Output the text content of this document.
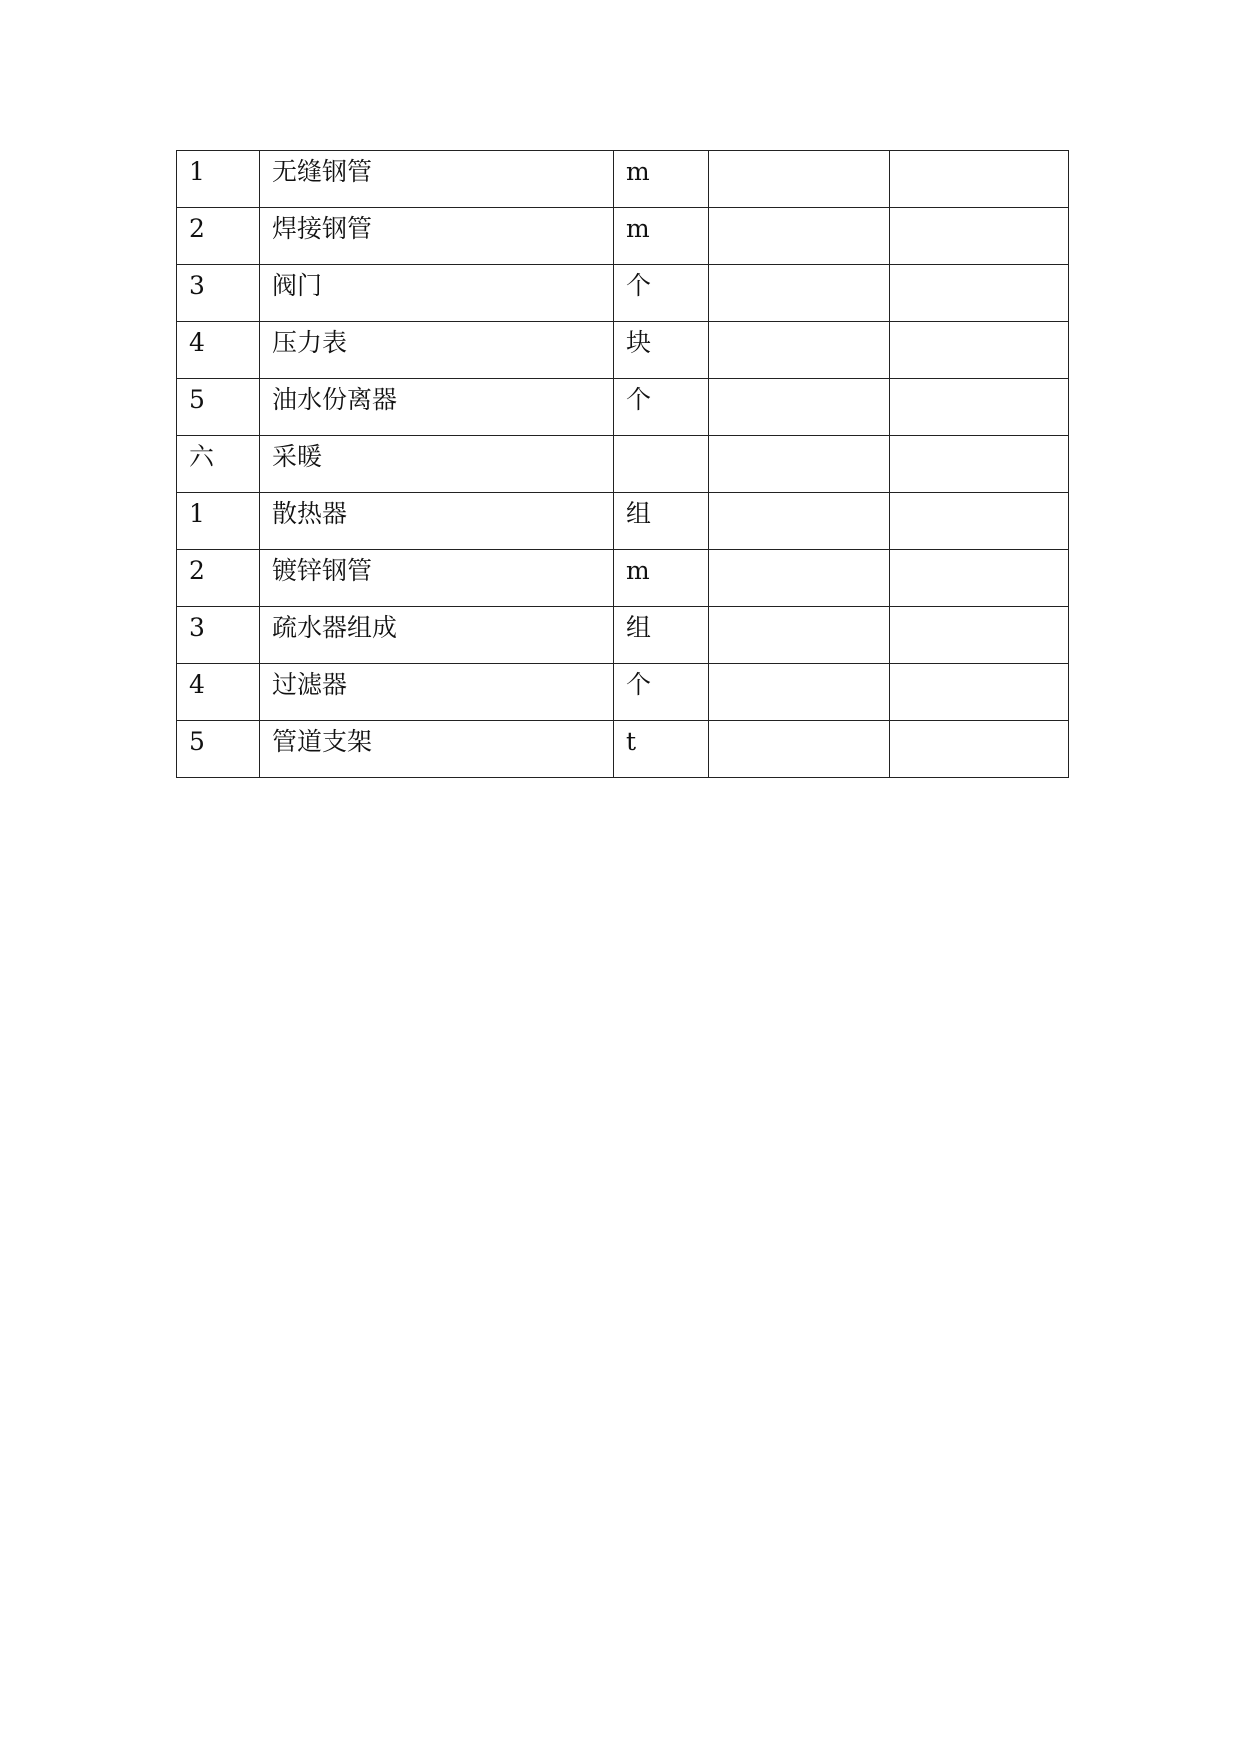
1	无缝钢管	m		

2	焊接钢管	m		

3	阀门	个		

4	压力表	块		

5	油水份离器	个		

六	采暖			

1	散热器	组		

2	镀锌钢管	m		

3	疏水器组成	组		

4	过滤器	个		

5	管道支架	t		
